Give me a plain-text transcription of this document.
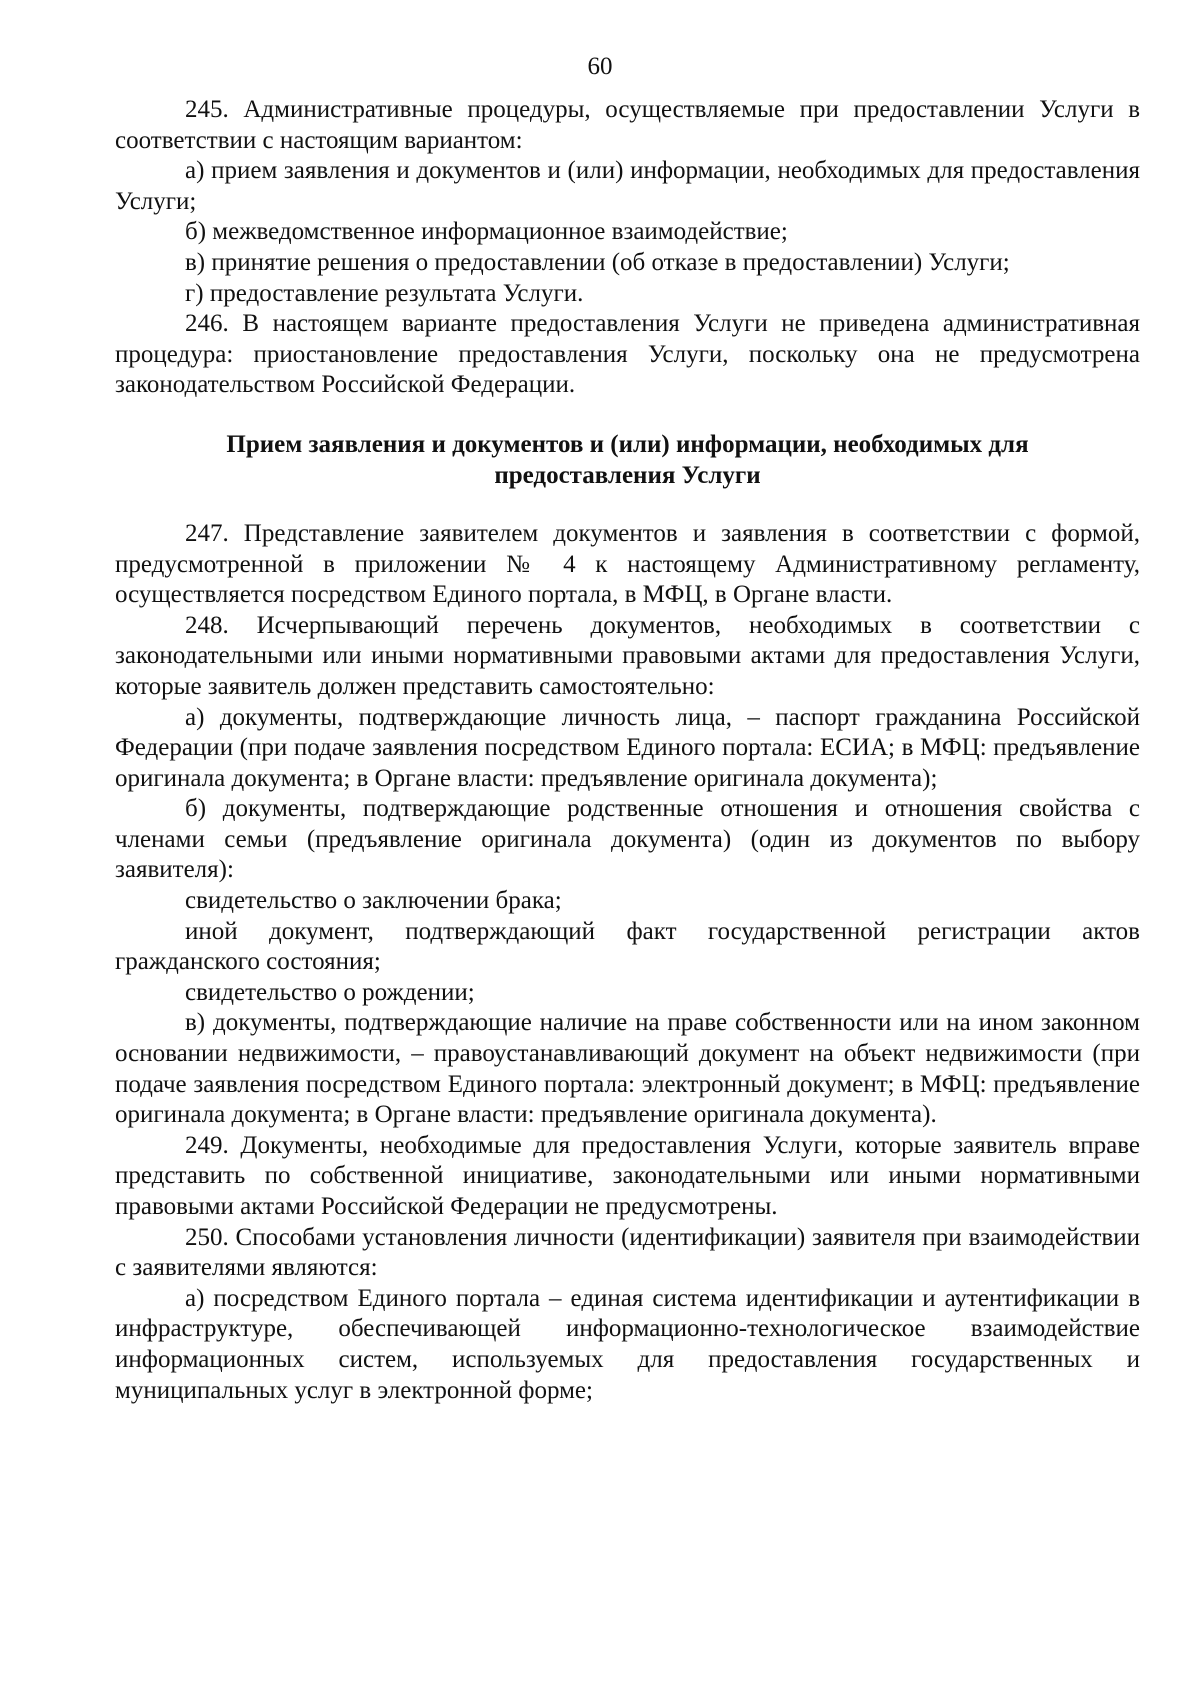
60

245. Административные процедуры, осуществляемые при предоставлении Услуги в соответствии с настоящим вариантом:

а) прием заявления и документов и (или) информации, необходимых для предоставления Услуги;

б) межведомственное информационное взаимодействие;

в) принятие решения о предоставлении (об отказе в предоставлении) Услуги;

г) предоставление результата Услуги.

246. В настоящем варианте предоставления Услуги не приведена административная процедура: приостановление предоставления Услуги, поскольку она не предусмотрена законодательством Российской Федерации.

Прием заявления и документов и (или) информации, необходимых для предоставления Услуги

247. Представление заявителем документов и заявления в соответствии с формой, предусмотренной в приложении № 4 к настоящему Административному регламенту, осуществляется посредством Единого портала, в МФЦ, в Органе власти.

248. Исчерпывающий перечень документов, необходимых в соответствии с законодательными или иными нормативными правовыми актами для предоставления Услуги, которые заявитель должен представить самостоятельно:

а) документы, подтверждающие личность лица, – паспорт гражданина Российской Федерации (при подаче заявления посредством Единого портала: ЕСИА; в МФЦ: предъявление оригинала документа; в Органе власти: предъявление оригинала документа);

б) документы, подтверждающие родственные отношения и отношения свойства с членами семьи (предъявление оригинала документа) (один из документов по выбору заявителя):

свидетельство о заключении брака;

иной документ, подтверждающий факт государственной регистрации актов гражданского состояния;

свидетельство о рождении;

в) документы, подтверждающие наличие на праве собственности или на ином законном основании недвижимости, – правоустанавливающий документ на объект недвижимости (при подаче заявления посредством Единого портала: электронный документ; в МФЦ: предъявление оригинала документа; в Органе власти: предъявление оригинала документа).

249. Документы, необходимые для предоставления Услуги, которые заявитель вправе представить по собственной инициативе, законодательными или иными нормативными правовыми актами Российской Федерации не предусмотрены.

250. Способами установления личности (идентификации) заявителя при взаимодействии с заявителями являются:

а) посредством Единого портала – единая система идентификации и аутентификации в инфраструктуре, обеспечивающей информационно-технологическое взаимодействие информационных систем, используемых для предоставления государственных и муниципальных услуг в электронной форме;
